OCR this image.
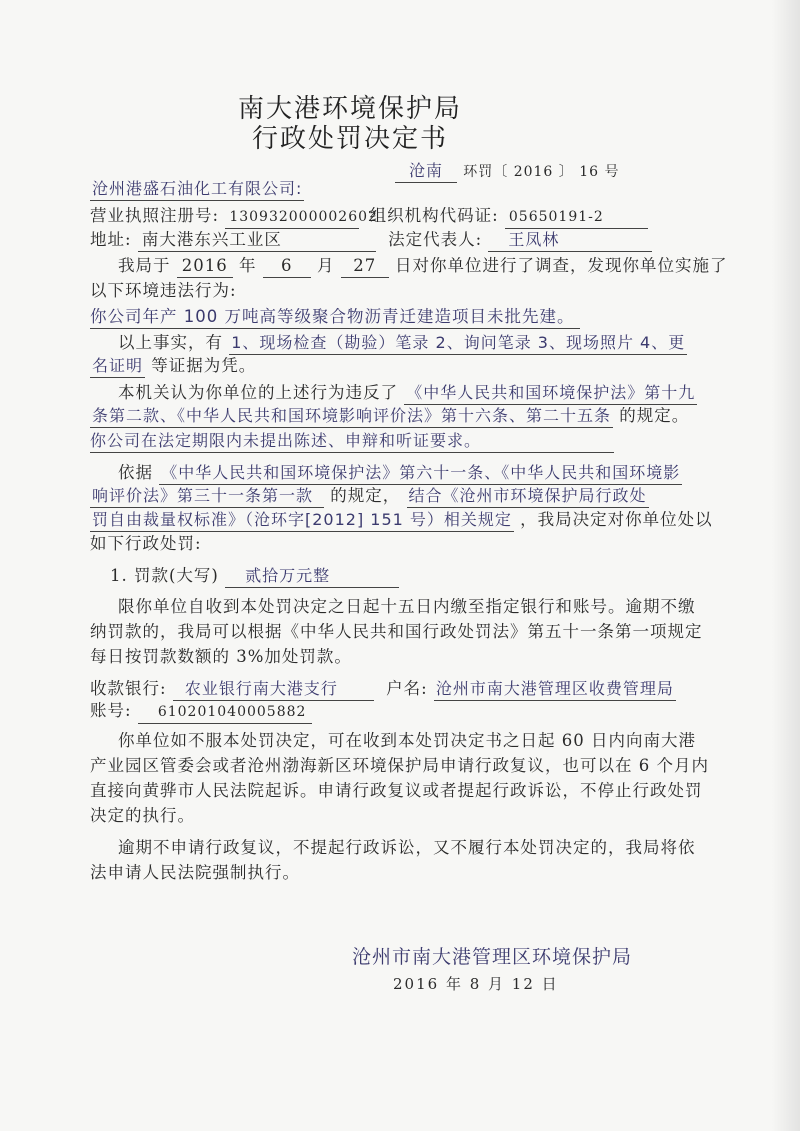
南大港环境保护局
行政处罚决定书
沧南 环罚〔 2016 〕 16 号
沧州港盛石油化工有限公司:
营业执照注册号: 130932000002602 组织机构代码证: 05650191-2
地址: 南大港东兴工业区	法定代表人: 王凤林
我局于 2016 年 6 月 27 日对你单位进行了调查，发现你单位实施了
以下环境违法行为:
你公司年产 100 万吨高等级聚合物沥青迁建造项目未批先建。
以上事实，有 1、现场检查（勘验）笔录 2、询问笔录 3、现场照片 4、更
名证明 等证据为凭。
本机关认为你单位的上述行为违反了 《中华人民共和国环境保护法》第十九
条第二款、《中华人民共和国环境影响评价法》第十六条、第二十五条 的规定。
你公司在法定期限内未提出陈述、申辩和听证要求。
依据 《中华人民共和国环境保护法》第六十一条、《中华人民共和国环境影
响评价法》第三十一条第一款 的规定， 结合《沧州市环境保护局行政处
罚自由裁量权标准》（沧环字[2012] 151 号）相关规定 ，我局决定对你单位处以
如下行政处罚:
1. 罚款(大写) 贰拾万元整
限你单位自收到本处罚决定之日起十五日内缴至指定银行和账号。逾期不缴
纳罚款的，我局可以根据《中华人民共和国行政处罚法》第五十一条第一项规定
每日按罚款数额的 3%加处罚款。
收款银行: 农业银行南大港支行	户名: 沧州市南大港管理区收费管理局
账号: 610201040005882
你单位如不服本处罚决定，可在收到本处罚决定书之日起 60 日内向南大港
产业园区管委会或者沧州渤海新区环境保护局申请行政复议，也可以在 6 个月内
直接向黄骅市人民法院起诉。申请行政复议或者提起行政诉讼，不停止行政处罚
决定的执行。
逾期不申请行政复议，不提起行政诉讼，又不履行本处罚决定的，我局将依
法申请人民法院强制执行。
沧州市南大港管理区环境保护局
2016 年 8 月 12 日
